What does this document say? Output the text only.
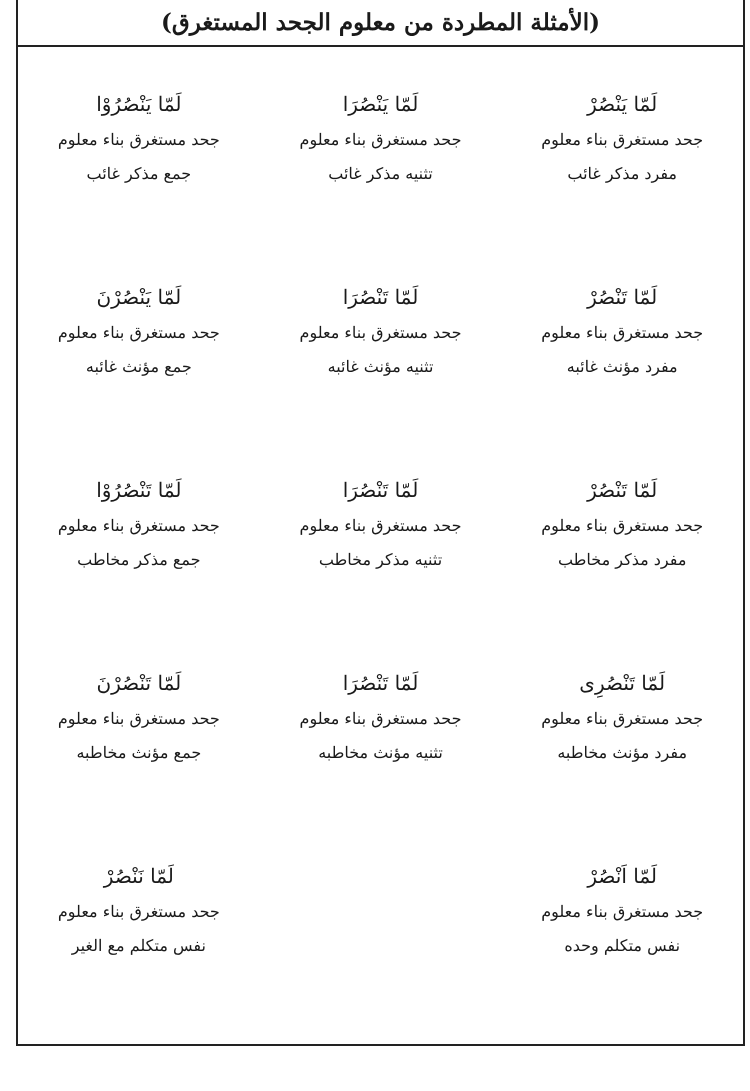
(الأمثلة المطردة من معلوم الجحد المستغرق)
لَمّا يَنْصُرْ
جحد مستغرق بناء معلوم
مفرد مذکر غائب
لَمّا يَنْصُرَا
جحد مستغرق بناء معلوم
تثنیه مذکر غائب
لَمّا يَنْصُرُوْا
جحد مستغرق بناء معلوم
جمع مذکر غائب
لَمّا تَنْصُرْ
جحد مستغرق بناء معلوم
مفرد مؤنث غائبه
لَمّا تَنْصُرَا
جحد مستغرق بناء معلوم
تثنیه مؤنث غائبه
لَمّا يَنْصُرْنَ
جحد مستغرق بناء معلوم
جمع مؤنث غائبه
لَمّا تَنْصُرْ
جحد مستغرق بناء معلوم
مفرد مذکر مخاطب
لَمّا تَنْصُرَا
جحد مستغرق بناء معلوم
تثنیه مذکر مخاطب
لَمّا تَنْصُرُوْا
جحد مستغرق بناء معلوم
جمع مذکر مخاطب
لَمّا تَنْصُرِی
جحد مستغرق بناء معلوم
مفرد مؤنث مخاطبه
لَمّا تَنْصُرَا
جحد مستغرق بناء معلوم
تثنیه مؤنث مخاطبه
لَمّا تَنْصُرْنَ
جحد مستغرق بناء معلوم
جمع مؤنث مخاطبه
لَمّا اَنْصُرْ
جحد مستغرق بناء معلوم
نفس متکلم وحده
لَمّا نَنْصُرْ
جحد مستغرق بناء معلوم
نفس متکلم مع الغیر
